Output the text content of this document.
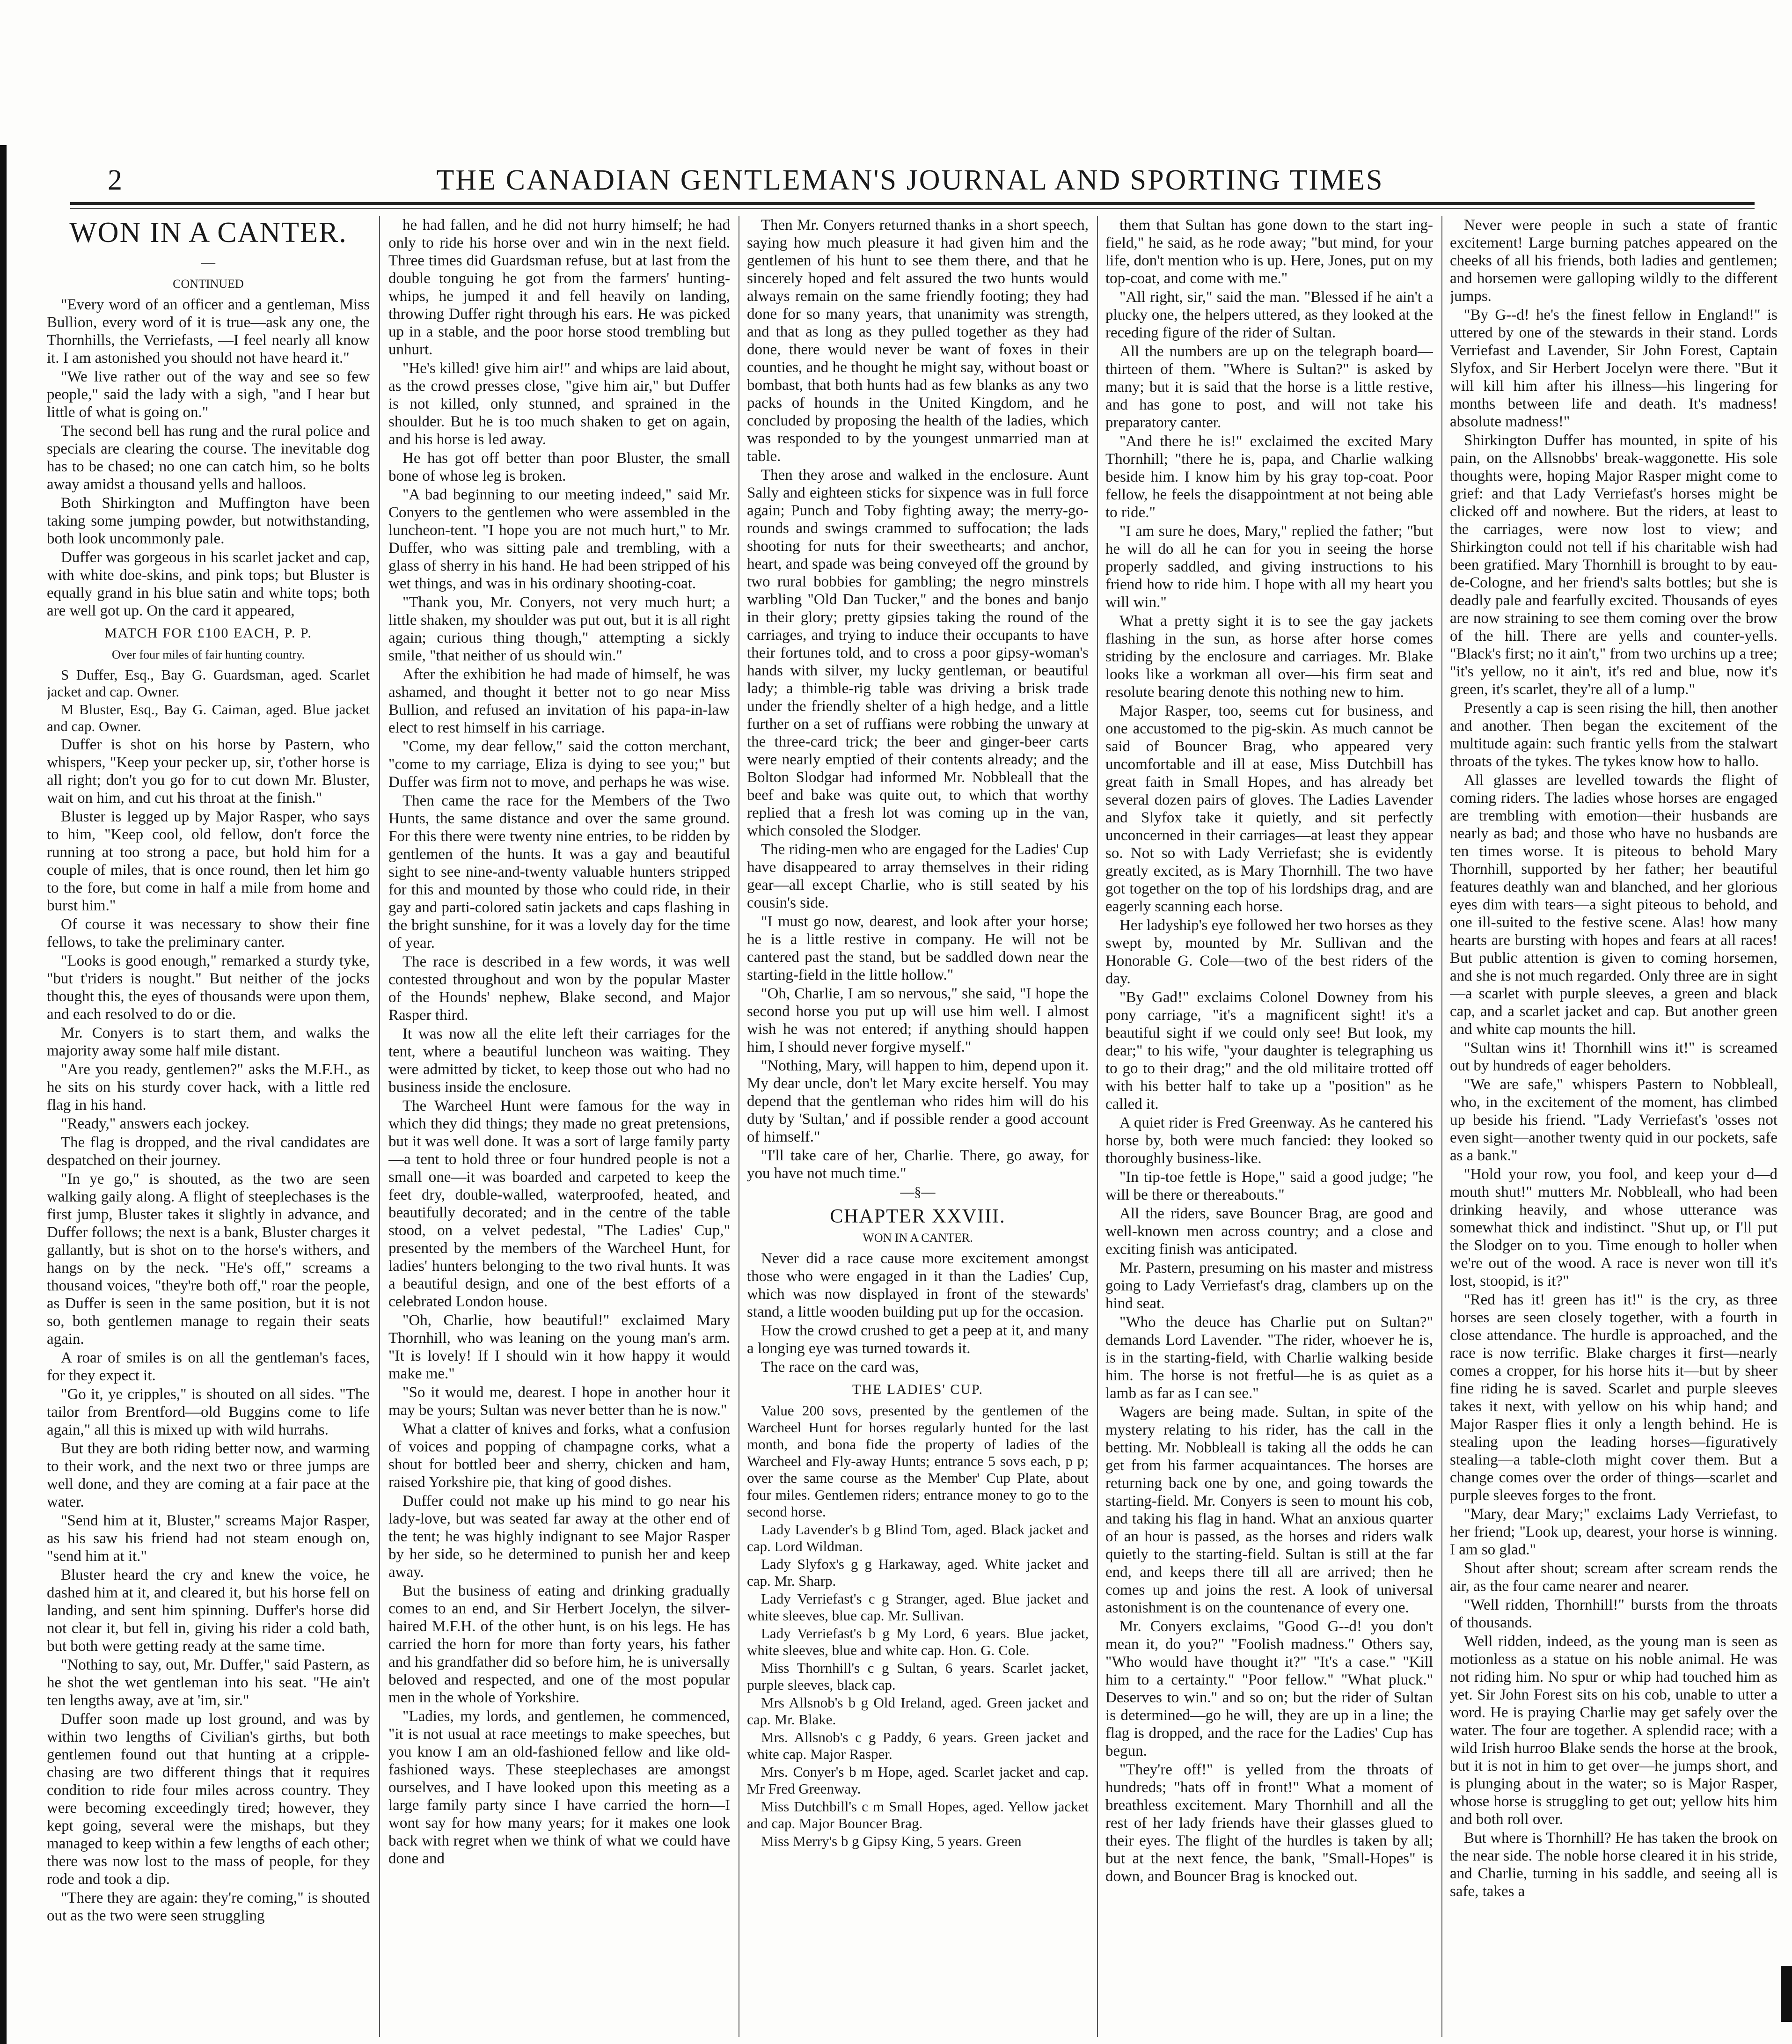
2	THE CANADIAN GENTLEMAN'S JOURNAL AND SPORTING TIMES
WON IN A CANTER.
—
CONTINUED

"Every word of an officer and a gentleman, Miss Bullion, every word of it is true—ask any one, the Thornhills, the Verriefasts, —I feel nearly all know it. I am astonished you should not have heard it."

"We live rather out of the way and see so few people," said the lady with a sigh, "and I hear but little of what is going on."

The second bell has rung and the rural police and specials are clearing the course. The inevitable dog has to be chased; no one can catch him, so he bolts away amidst a thousand yells and halloos.

Both Shirkington and Muffington have been taking some jumping powder, but notwithstanding, both look uncommonly pale.

Duffer was gorgeous in his scarlet jacket and cap, with white doe-skins, and pink tops; but Bluster is equally grand in his blue satin and white tops; both are well got up. On the card it appeared,

MATCH FOR £100 EACH, P. P.
Over four miles of fair hunting country.

S Duffer, Esq., Bay G. Guardsman, aged. Scarlet jacket and cap. Owner.

M Bluster, Esq., Bay G. Caiman, aged. Blue jacket and cap. Owner.

Duffer is shot on his horse by Pastern, who whispers, "Keep your pecker up, sir, t'other horse is all right; don't you go for to cut down Mr. Bluster, wait on him, and cut his throat at the finish."

Bluster is legged up by Major Rasper, who says to him, "Keep cool, old fellow, don't force the running at too strong a pace, but hold him for a couple of miles, that is once round, then let him go to the fore, but come in half a mile from home and burst him."

Of course it was necessary to show their fine fellows, to take the preliminary canter.

"Looks is good enough," remarked a sturdy tyke, "but t'riders is nought." But neither of the jocks thought this, the eyes of thousands were upon them, and each resolved to do or die.

Mr. Conyers is to start them, and walks the majority away some half mile distant.

"Are you ready, gentlemen?" asks the M.F.H., as he sits on his sturdy cover hack, with a little red flag in his hand.

"Ready," answers each jockey.

The flag is dropped, and the rival candidates are despatched on their journey.

"In ye go," is shouted, as the two are seen walking gaily along. A flight of steeplechases is the first jump, Bluster takes it slightly in advance, and Duffer follows; the next is a bank, Bluster charges it gallantly, but is shot on to the horse's withers, and hangs on by the neck. "He's off," screams a thousand voices, "they're both off," roar the people, as Duffer is seen in the same position, but it is not so, both gentlemen manage to regain their seats again.

A roar of smiles is on all the gentleman's faces, for they expect it.

"Go it, ye cripples," is shouted on all sides. "The tailor from Brentford—old Buggins come to life again," all this is mixed up with wild hurrahs.

But they are both riding better now, and warming to their work, and the next two or three jumps are well done, and they are coming at a fair pace at the water.

"Send him at it, Bluster," screams Major Rasper, as his saw his friend had not steam enough on, "send him at it."

Bluster heard the cry and knew the voice, he dashed him at it, and cleared it, but his horse fell on landing, and sent him spinning. Duffer's horse did not clear it, but fell in, giving his rider a cold bath, but both were getting ready at the same time.

"Nothing to say, out, Mr. Duffer," said Pastern, as he shot the wet gentleman into his seat. "He ain't ten lengths away, ave at 'im, sir."

Duffer soon made up lost ground, and was by within two lengths of Civilian's girths, but both gentlemen found out that hunting at a cripple-chasing are two different things that it requires condition to ride four miles across country. They were becoming exceedingly tired; however, they kept going, several were the mishaps, but they managed to keep within a few lengths of each other; there was now lost to the mass of people, for they rode and took a dip.

"There they are again: they're coming," is shouted out as the two were seen struggling

he had fallen, and he did not hurry himself; he had only to ride his horse over and win in the next field. Three times did Guardsman refuse, but at last from the double tonguing he got from the farmers' hunting-whips, he jumped it and fell heavily on landing, throwing Duffer right through his ears. He was picked up in a stable, and the poor horse stood trembling but unhurt.

"He's killed! give him air!" and whips are laid about, as the crowd presses close, "give him air," but Duffer is not killed, only stunned, and sprained in the shoulder. But he is too much shaken to get on again, and his horse is led away.

He has got off better than poor Bluster, the small bone of whose leg is broken.

"A bad beginning to our meeting indeed," said Mr. Conyers to the gentlemen who were assembled in the luncheon-tent. "I hope you are not much hurt," to Mr. Duffer, who was sitting pale and trembling, with a glass of sherry in his hand. He had been stripped of his wet things, and was in his ordinary shooting-coat.

"Thank you, Mr. Conyers, not very much hurt; a little shaken, my shoulder was put out, but it is all right again; curious thing though," attempting a sickly smile, "that neither of us should win."

After the exhibition he had made of himself, he was ashamed, and thought it better not to go near Miss Bullion, and refused an invitation of his papa-in-law elect to rest himself in his carriage.

"Come, my dear fellow," said the cotton merchant, "come to my carriage, Eliza is dying to see you;" but Duffer was firm not to move, and perhaps he was wise.

Then came the race for the Members of the Two Hunts, the same distance and over the same ground. For this there were twenty nine entries, to be ridden by gentlemen of the hunts. It was a gay and beautiful sight to see nine-and-twenty valuable hunters stripped for this and mounted by those who could ride, in their gay and parti-colored satin jackets and caps flashing in the bright sunshine, for it was a lovely day for the time of year.

The race is described in a few words, it was well contested throughout and won by the popular Master of the Hounds' nephew, Blake second, and Major Rasper third.

It was now all the elite left their carriages for the tent, where a beautiful luncheon was waiting. They were admitted by ticket, to keep those out who had no business inside the enclosure.

The Warcheel Hunt were famous for the way in which they did things; they made no great pretensions, but it was well done. It was a sort of large family party—a tent to hold three or four hundred people is not a small one—it was boarded and carpeted to keep the feet dry, double-walled, waterproofed, heated, and beautifully decorated; and in the centre of the table stood, on a velvet pedestal, "The Ladies' Cup," presented by the members of the Warcheel Hunt, for ladies' hunters belonging to the two rival hunts. It was a beautiful design, and one of the best efforts of a celebrated London house.

"Oh, Charlie, how beautiful!" exclaimed Mary Thornhill, who was leaning on the young man's arm. "It is lovely! If I should win it how happy it would make me."

"So it would me, dearest. I hope in another hour it may be yours; Sultan was never better than he is now."

What a clatter of knives and forks, what a confusion of voices and popping of champagne corks, what a shout for bottled beer and sherry, chicken and ham, raised Yorkshire pie, that king of good dishes.

Duffer could not make up his mind to go near his lady-love, but was seated far away at the other end of the tent; he was highly indignant to see Major Rasper by her side, so he determined to punish her and keep away.

But the business of eating and drinking gradually comes to an end, and Sir Herbert Jocelyn, the silver-haired M.F.H. of the other hunt, is on his legs. He has carried the horn for more than forty years, his father and his grandfather did so before him, he is universally beloved and respected, and one of the most popular men in the whole of Yorkshire.

"Ladies, my lords, and gentlemen, he commenced, "it is not usual at race meetings to make speeches, but you know I am an old-fashioned fellow and like old-fashioned ways. These steeplechases are amongst ourselves, and I have looked upon this meeting as a large family party since I have carried the horn—I wont say for how many years; for it makes one look back with regret when we think of what we could have done and

Then Mr. Conyers returned thanks in a short speech, saying how much pleasure it had given him and the gentlemen of his hunt to see them there, and that he sincerely hoped and felt assured the two hunts would always remain on the same friendly footing; they had done for so many years, that unanimity was strength, and that as long as they pulled together as they had done, there would never be want of foxes in their counties, and he thought he might say, without boast or bombast, that both hunts had as few blanks as any two packs of hounds in the United Kingdom, and he concluded by proposing the health of the ladies, which was responded to by the youngest unmarried man at table.

Then they arose and walked in the enclosure. Aunt Sally and eighteen sticks for sixpence was in full force again; Punch and Toby fighting away; the merry-go-rounds and swings crammed to suffocation; the lads shooting for nuts for their sweethearts; and anchor, heart, and spade was being conveyed off the ground by two rural bobbies for gambling; the negro minstrels warbling "Old Dan Tucker," and the bones and banjo in their glory; pretty gipsies taking the round of the carriages, and trying to induce their occupants to have their fortunes told, and to cross a poor gipsy-woman's hands with silver, my lucky gentleman, or beautiful lady; a thimble-rig table was driving a brisk trade under the friendly shelter of a high hedge, and a little further on a set of ruffians were robbing the unwary at the three-card trick; the beer and ginger-beer carts were nearly emptied of their contents already; and the Bolton Slodgar had informed Mr. Nobbleall that the beef and bake was quite out, to which that worthy replied that a fresh lot was coming up in the van, which consoled the Slodger.

The riding-men who are engaged for the Ladies' Cup have disappeared to array themselves in their riding gear—all except Charlie, who is still seated by his cousin's side.

"I must go now, dearest, and look after your horse; he is a little restive in company. He will not be cantered past the stand, but be saddled down near the starting-field in the little hollow."

"Oh, Charlie, I am so nervous," she said, "I hope the second horse you put up will use him well. I almost wish he was not entered; if anything should happen him, I should never forgive myself."

"Nothing, Mary, will happen to him, depend upon it. My dear uncle, don't let Mary excite herself. You may depend that the gentleman who rides him will do his duty by 'Sultan,' and if possible render a good account of himself."

"I'll take care of her, Charlie. There, go away, for you have not much time."

—§—
CHAPTER XXVIII.
WON IN A CANTER.

Never did a race cause more excitement amongst those who were engaged in it than the Ladies' Cup, which was now displayed in front of the stewards' stand, a little wooden building put up for the occasion.

How the crowd crushed to get a peep at it, and many a longing eye was turned towards it.

The race on the card was,

THE LADIES' CUP.

Value 200 sovs, presented by the gentlemen of the Warcheel Hunt for horses regularly hunted for the last month, and bona fide the property of ladies of the Warcheel and Fly-away Hunts; entrance 5 sovs each, p p; over the same course as the Member' Cup Plate, about four miles. Gentlemen riders; entrance money to go to the second horse.

Lady Lavender's b g Blind Tom, aged. Black jacket and cap. Lord Wildman.

Lady Slyfox's g g Harkaway, aged. White jacket and cap. Mr. Sharp.

Lady Verriefast's c g Stranger, aged. Blue jacket and white sleeves, blue cap. Mr. Sullivan.

Lady Verriefast's b g My Lord, 6 years. Blue jacket, white sleeves, blue and white cap. Hon. G. Cole.

Miss Thornhill's c g Sultan, 6 years. Scarlet jacket, purple sleeves, black cap.

Mrs Allsnob's b g Old Ireland, aged. Green jacket and cap. Mr. Blake.

Mrs. Allsnob's c g Paddy, 6 years. Green jacket and white cap. Major Rasper.

Mrs. Conyer's b m Hope, aged. Scarlet jacket and cap. Mr Fred Greenway.

Miss Dutchbill's c m Small Hopes, aged. Yellow jacket and cap. Major Bouncer Brag.

Miss Merry's b g Gipsy King, 5 years. Green

them that Sultan has gone down to the start ing-field," he said, as he rode away; "but mind, for your life, don't mention who is up. Here, Jones, put on my top-coat, and come with me."

"All right, sir," said the man. "Blessed if he ain't a plucky one, the helpers uttered, as they looked at the receding figure of the rider of Sultan.

All the numbers are up on the telegraph board—thirteen of them. "Where is Sultan?" is asked by many; but it is said that the horse is a little restive, and has gone to post, and will not take his preparatory canter.

"And there he is!" exclaimed the excited Mary Thornhill; "there he is, papa, and Charlie walking beside him. I know him by his gray top-coat. Poor fellow, he feels the disappointment at not being able to ride."

"I am sure he does, Mary," replied the father; "but he will do all he can for you in seeing the horse properly saddled, and giving instructions to his friend how to ride him. I hope with all my heart you will win."

What a pretty sight it is to see the gay jackets flashing in the sun, as horse after horse comes striding by the enclosure and carriages. Mr. Blake looks like a workman all over—his firm seat and resolute bearing denote this nothing new to him.

Major Rasper, too, seems cut for business, and one accustomed to the pig-skin. As much cannot be said of Bouncer Brag, who appeared very uncomfortable and ill at ease, Miss Dutchbill has great faith in Small Hopes, and has already bet several dozen pairs of gloves. The Ladies Lavender and Slyfox take it quietly, and sit perfectly unconcerned in their carriages—at least they appear so. Not so with Lady Verriefast; she is evidently greatly excited, as is Mary Thornhill. The two have got together on the top of his lordships drag, and are eagerly scanning each horse.

Her ladyship's eye followed her two horses as they swept by, mounted by Mr. Sullivan and the Honorable G. Cole—two of the best riders of the day.

"By Gad!" exclaims Colonel Downey from his pony carriage, "it's a magnificent sight! it's a beautiful sight if we could only see! But look, my dear;" to his wife, "your daughter is telegraphing us to go to their drag;" and the old militaire trotted off with his better half to take up a "position" as he called it.

A quiet rider is Fred Greenway. As he cantered his horse by, both were much fancied: they looked so thoroughly business-like.

"In tip-toe fettle is Hope," said a good judge; "he will be there or thereabouts."

All the riders, save Bouncer Brag, are good and well-known men across country; and a close and exciting finish was anticipated.

Mr. Pastern, presuming on his master and mistress going to Lady Verriefast's drag, clambers up on the hind seat.

"Who the deuce has Charlie put on Sultan?" demands Lord Lavender. "The rider, whoever he is, is in the starting-field, with Charlie walking beside him. The horse is not fretful—he is as quiet as a lamb as far as I can see."

Wagers are being made. Sultan, in spite of the mystery relating to his rider, has the call in the betting. Mr. Nobbleall is taking all the odds he can get from his farmer acquaintances. The horses are returning back one by one, and going towards the starting-field. Mr. Conyers is seen to mount his cob, and taking his flag in hand. What an anxious quarter of an hour is passed, as the horses and riders walk quietly to the starting-field. Sultan is still at the far end, and keeps there till all are arrived; then he comes up and joins the rest. A look of universal astonishment is on the countenance of every one.

Mr. Conyers exclaims, "Good G--d! you don't mean it, do you?" "Foolish madness." Others say, "Who would have thought it?" "It's a case." "Kill him to a certainty." "Poor fellow." "What pluck." Deserves to win." and so on; but the rider of Sultan is determined—go he will, they are up in a line; the flag is dropped, and the race for the Ladies' Cup has begun.

"They're off!" is yelled from the throats of hundreds; "hats off in front!" What a moment of breathless excitement. Mary Thornhill and all the rest of her lady friends have their glasses glued to their eyes. The flight of the hurdles is taken by all; but at the next fence, the bank, "Small-Hopes" is down, and Bouncer Brag is knocked out.

Never were people in such a state of frantic excitement! Large burning patches appeared on the cheeks of all his friends, both ladies and gentlemen; and horsemen were galloping wildly to the different jumps.

"By G--d! he's the finest fellow in England!" is uttered by one of the stewards in their stand. Lords Verriefast and Lavender, Sir John Forest, Captain Slyfox, and Sir Herbert Jocelyn were there. "But it will kill him after his illness—his lingering for months between life and death. It's madness! absolute madness!"

Shirkington Duffer has mounted, in spite of his pain, on the Allsnobbs' break-waggonette. His sole thoughts were, hoping Major Rasper might come to grief: and that Lady Verriefast's horses might be clicked off and nowhere. But the riders, at least to the carriages, were now lost to view; and Shirkington could not tell if his charitable wish had been gratified. Mary Thornhill is brought to by eau-de-Cologne, and her friend's salts bottles; but she is deadly pale and fearfully excited. Thousands of eyes are now straining to see them coming over the brow of the hill. There are yells and counter-yells. "Black's first; no it ain't," from two urchins up a tree; "it's yellow, no it ain't, it's red and blue, now it's green, it's scarlet, they're all of a lump."

Presently a cap is seen rising the hill, then another and another. Then began the excitement of the multitude again: such frantic yells from the stalwart throats of the tykes. The tykes know how to hallo.

All glasses are levelled towards the flight of coming riders. The ladies whose horses are engaged are trembling with emotion—their husbands are nearly as bad; and those who have no husbands are ten times worse. It is piteous to behold Mary Thornhill, supported by her father; her beautiful features deathly wan and blanched, and her glorious eyes dim with tears—a sight piteous to behold, and one ill-suited to the festive scene. Alas! how many hearts are bursting with hopes and fears at all races! But public attention is given to coming horsemen, and she is not much regarded. Only three are in sight—a scarlet with purple sleeves, a green and black cap, and a scarlet jacket and cap. But another green and white cap mounts the hill.

"Sultan wins it! Thornhill wins it!" is screamed out by hundreds of eager beholders.

"We are safe," whispers Pastern to Nobbleall, who, in the excitement of the moment, has climbed up beside his friend. "Lady Verriefast's 'osses not even sight—another twenty quid in our pockets, safe as a bank."

"Hold your row, you fool, and keep your d—d mouth shut!" mutters Mr. Nobbleall, who had been drinking heavily, and whose utterance was somewhat thick and indistinct. "Shut up, or I'll put the Slodger on to you. Time enough to holler when we're out of the wood. A race is never won till it's lost, stoopid, is it?"

"Red has it! green has it!" is the cry, as three horses are seen closely together, with a fourth in close attendance. The hurdle is approached, and the race is now terrific. Blake charges it first—nearly comes a cropper, for his horse hits it—but by sheer fine riding he is saved. Scarlet and purple sleeves takes it next, with yellow on his whip hand; and Major Rasper flies it only a length behind. He is stealing upon the leading horses—figuratively stealing—a table-cloth might cover them. But a change comes over the order of things—scarlet and purple sleeves forges to the front.

"Mary, dear Mary;" exclaims Lady Verriefast, to her friend; "Look up, dearest, your horse is winning. I am so glad."

Shout after shout; scream after scream rends the air, as the four came nearer and nearer.

"Well ridden, Thornhill!" bursts from the throats of thousands.

Well ridden, indeed, as the young man is seen as motionless as a statue on his noble animal. He was not riding him. No spur or whip had touched him as yet. Sir John Forest sits on his cob, unable to utter a word. He is praying Charlie may get safely over the water. The four are together. A splendid race; with a wild Irish hurroo Blake sends the horse at the brook, but it is not in him to get over—he jumps short, and is plunging about in the water; so is Major Rasper, whose horse is struggling to get out; yellow hits him and both roll over.

But where is Thornhill? He has taken the brook on the near side. The noble horse cleared it in his stride, and Charlie, turning in his saddle, and seeing all is safe, takes a
